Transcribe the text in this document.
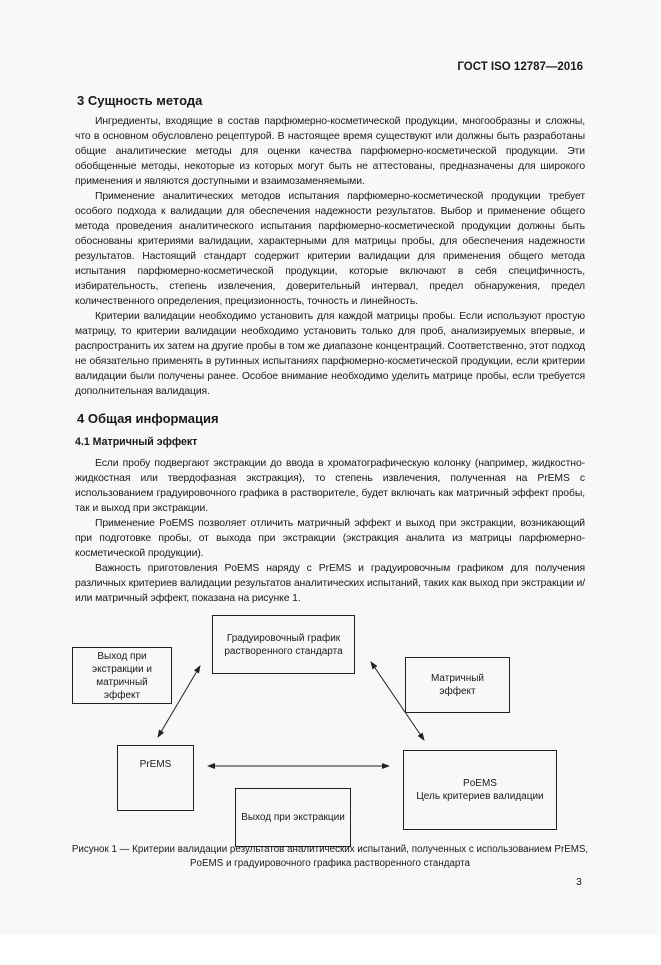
ГОСТ ISO 12787—2016
3 Сущность метода

Ингредиенты, входящие в состав парфюмерно-косметической продукции, многообразны и сложны, что в основном обусловлено рецептурой. В настоящее время существуют или должны быть разработаны общие аналитические методы для оценки качества парфюмерно-косметической продукции. Эти обобщенные методы, некоторые из которых могут быть не аттестованы, предназначены для широкого применения и являются доступными и взаимозаменяемыми.

Применение аналитических методов испытания парфюмерно-косметической продукции требует особого подхода к валидации для обеспечения надежности результатов. Выбор и применение общего метода проведения аналитического испытания парфюмерно-косметической продукции должны быть обоснованы критериями валидации, характерными для матрицы пробы, для обеспечения надежности результатов. Настоящий стандарт содержит критерии валидации для применения общего метода испытания парфюмерно-косметической продукции, которые включают в себя специфичность, избирательность, степень извлечения, доверительный интервал, предел обнаружения, предел количественного определения, прецизионность, точность и линейность.

Критерии валидации необходимо установить для каждой матрицы пробы. Если используют простую матрицу, то критерии валидации необходимо установить только для проб, анализируемых впервые, и распространить их затем на другие пробы в том же диапазоне концентраций. Соответственно, этот подход не обязательно применять в рутинных испытаниях парфюмерно-косметической продукции, если критерии валидации были получены ранее. Особое внимание необходимо уделить матрице пробы, если требуется дополнительная валидация.

4 Общая информация
4.1 Матричный эффект

Если пробу подвергают экстракции до ввода в хроматографическую колонку (например, жидкостно-жидкостная или твердофазная экстракция), то степень извлечения, полученная на PrEMS с использованием градуировочного графика в растворителе, будет включать как матричный эффект пробы, так и выход при экстракции.

Применение PoEMS позволяет отличить матричный эффект и выход при экстракции, возникающий при подготовке пробы, от выхода при экстракции (экстракция аналита из матрицы парфюмерно-косметической продукции).

Важность приготовления PoEMS наряду с PrEMS и градуировочным графиком для получения различных критериев валидации результатов аналитических испытаний, таких как выход при экстракции и/или матричный эффект, показана на рисунке 1.

Градуировочный график растворенного стандарта
Выход при экстракции и матричный эффект
Матричный эффект
PrEMS
PoEMS
Цель критериев валидации
Выход при экстракции
Рисунок 1 — Критерии валидации результатов аналитических испытаний, полученных с использованием PrEMS,
PoEMS и градуировочного графика растворенного стандарта
3
